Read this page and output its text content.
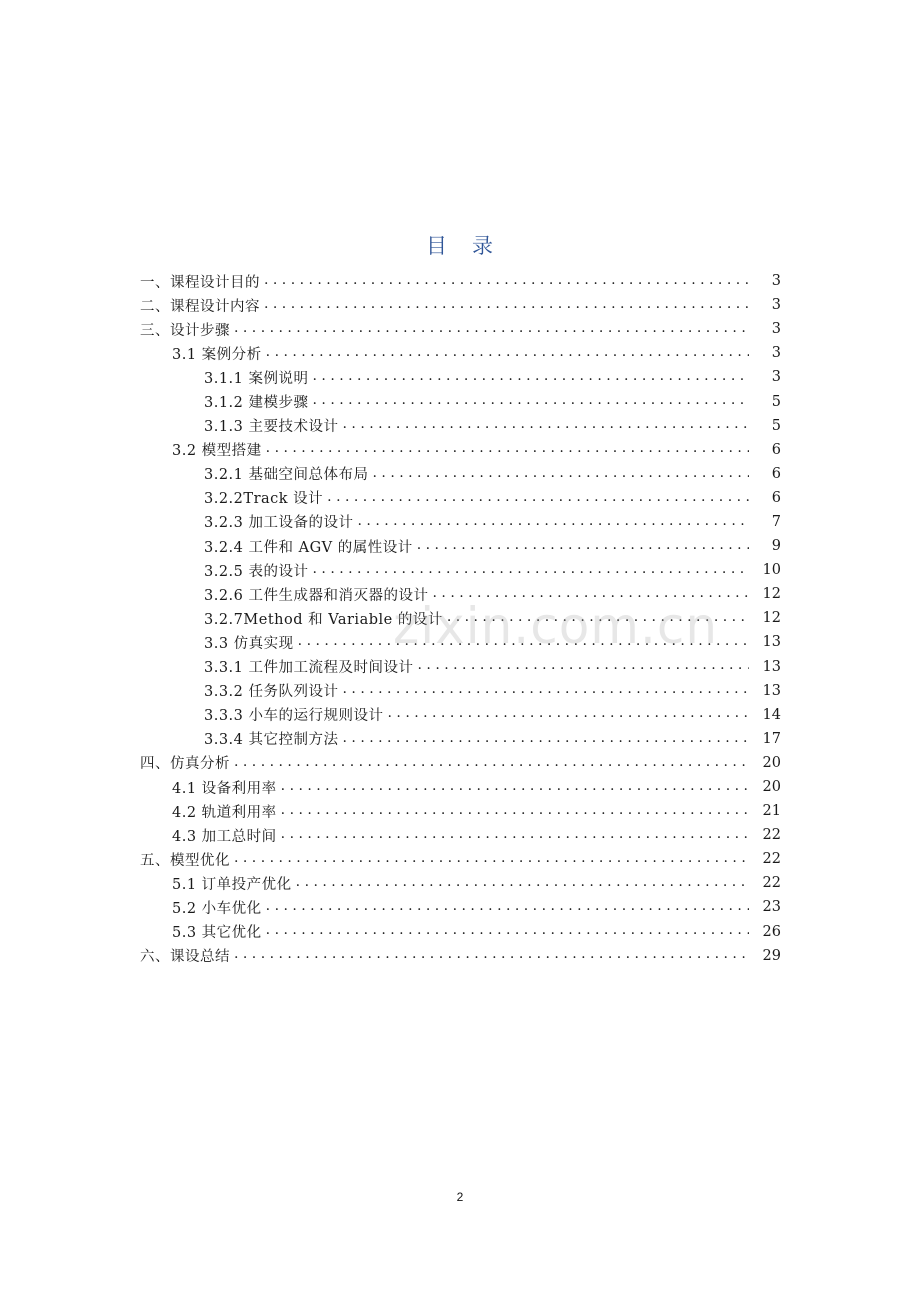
目 录
一、课程设计目的 . . .	3
二、课程设计内容 . . .	3
三、设计步骤 . . .	3
3.1 案例分析 . . .	3
3.1.1 案例说明 . . .	3
3.1.2 建模步骤 . . .	5
3.1.3 主要技术设计 . . .	5
3.2 模型搭建 . . .	6
3.2.1 基础空间总体布局 . . .	6
3.2.2Track 设计 . . .	6
3.2.3 加工设备的设计 . . .	7
3.2.4 工件和 AGV 的属性设计 . . .	9
3.2.5 表的设计 . . .	10
3.2.6 工件生成器和消灭器的设计 . . .	12
3.2.7Method 和 Variable 的设计 . . .	12
3.3 仿真实现 . . .	13
3.3.1 工件加工流程及时间设计 . . .	13
3.3.2 任务队列设计 . . .	13
3.3.3 小车的运行规则设计 . . .	14
3.3.4 其它控制方法 . . .	17
四、仿真分析 . . .	20
4.1 设备利用率 . . .	20
4.2 轨道利用率 . . .	21
4.3 加工总时间 . . .	22
五、模型优化 . . .	22
5.1 订单投产优化 . . .	22
5.2 小车优化 . . .	23
5.3 其它优化 . . .	26
六、课设总结 . . .	29
zixin.com.cn
2
